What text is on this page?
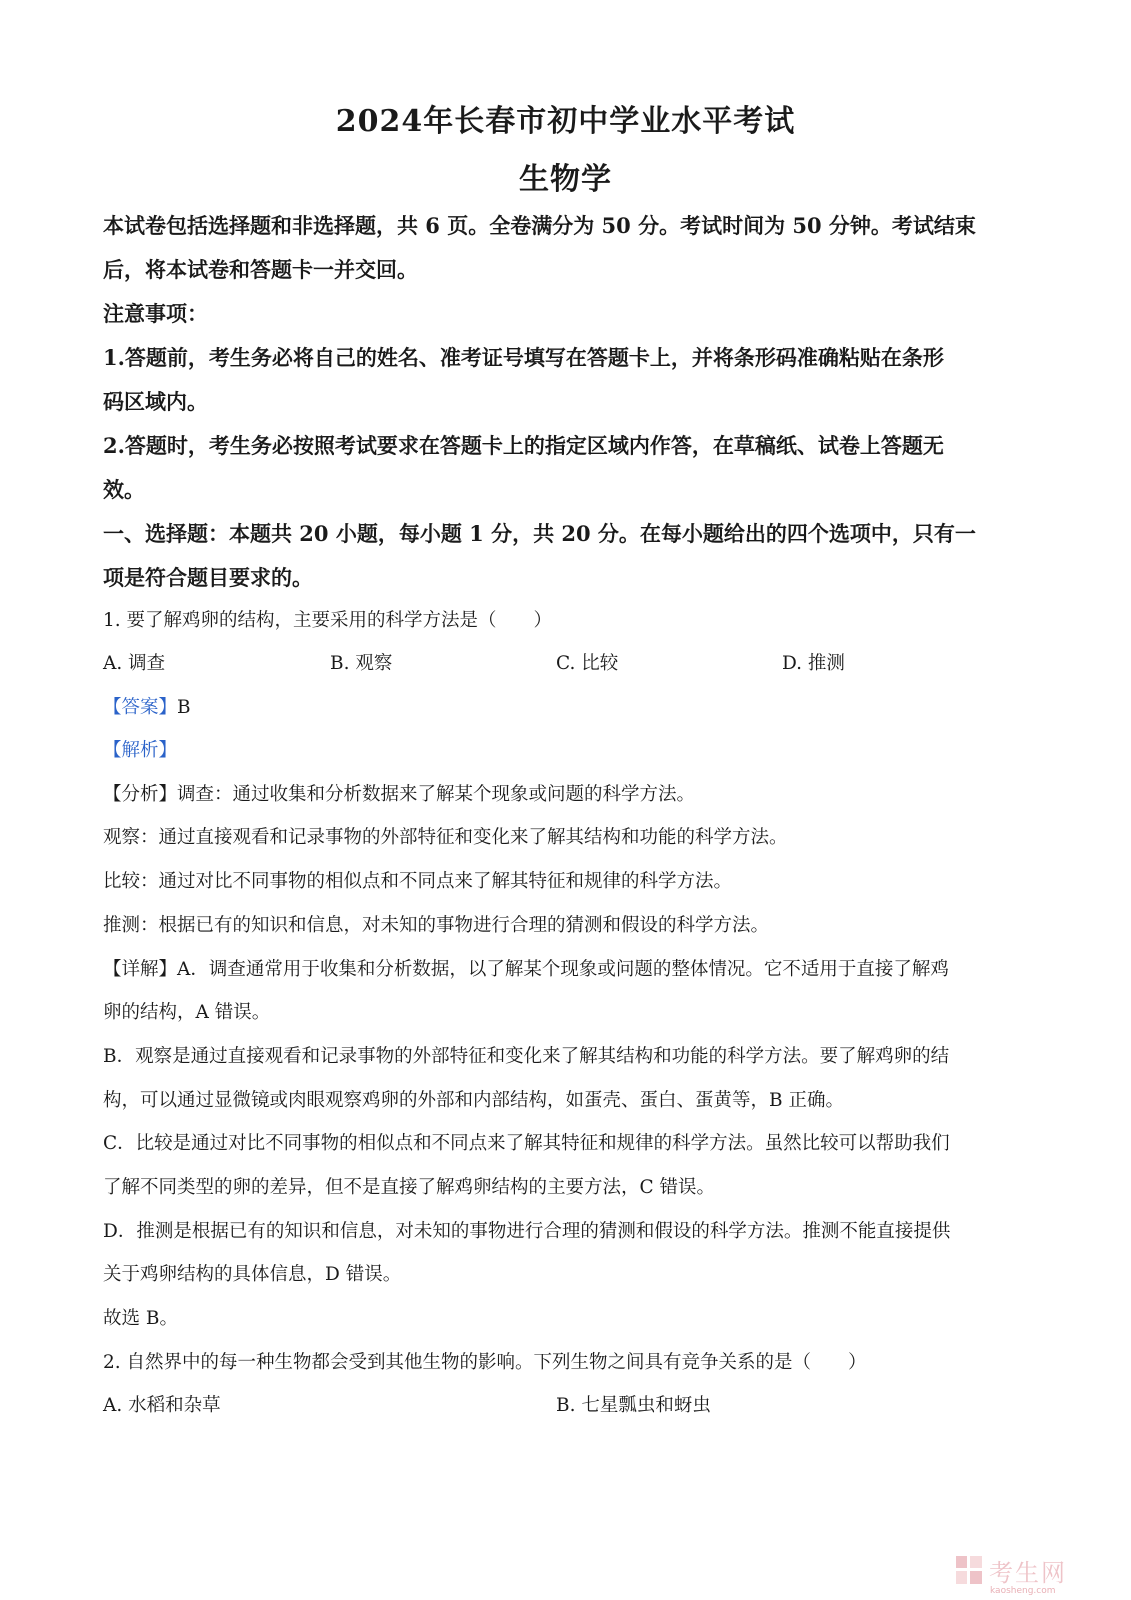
2024年长春市初中学业水平考试
生物学
本试卷包括选择题和非选择题，共 6 页。全卷满分为 50 分。考试时间为 50 分钟。考试结束
后，将本试卷和答题卡一并交回。
注意事项：
1.答题前，考生务必将自己的姓名、准考证号填写在答题卡上，并将条形码准确粘贴在条形
码区域内。
2.答题时，考生务必按照考试要求在答题卡上的指定区域内作答，在草稿纸、试卷上答题无
效。
一、选择题：本题共 20 小题，每小题 1 分，共 20 分。在每小题给出的四个选项中，只有一
项是符合题目要求的。
1. 要了解鸡卵的结构，主要采用的科学方法是（　　）
A. 调查	B. 观察	C. 比较	D. 推测
【答案】B
【解析】
【分析】调查：通过收集和分析数据来了解某个现象或问题的科学方法。
观察：通过直接观看和记录事物的外部特征和变化来了解其结构和功能的科学方法。
比较：通过对比不同事物的相似点和不同点来了解其特征和规律的科学方法。
推测：根据已有的知识和信息，对未知的事物进行合理的猜测和假设的科学方法。
【详解】A．调查通常用于收集和分析数据，以了解某个现象或问题的整体情况。它不适用于直接了解鸡
卵的结构，A 错误。
B．观察是通过直接观看和记录事物的外部特征和变化来了解其结构和功能的科学方法。要了解鸡卵的结
构，可以通过显微镜或肉眼观察鸡卵的外部和内部结构，如蛋壳、蛋白、蛋黄等，B 正确。
C．比较是通过对比不同事物的相似点和不同点来了解其特征和规律的科学方法。虽然比较可以帮助我们
了解不同类型的卵的差异，但不是直接了解鸡卵结构的主要方法，C 错误。
D．推测是根据已有的知识和信息，对未知的事物进行合理的猜测和假设的科学方法。推测不能直接提供
关于鸡卵结构的具体信息，D 错误。
故选 B。
2. 自然界中的每一种生物都会受到其他生物的影响。下列生物之间具有竞争关系的是（　　）
A. 水稻和杂草	B. 七星瓢虫和蚜虫
考生网
kaosheng.com
